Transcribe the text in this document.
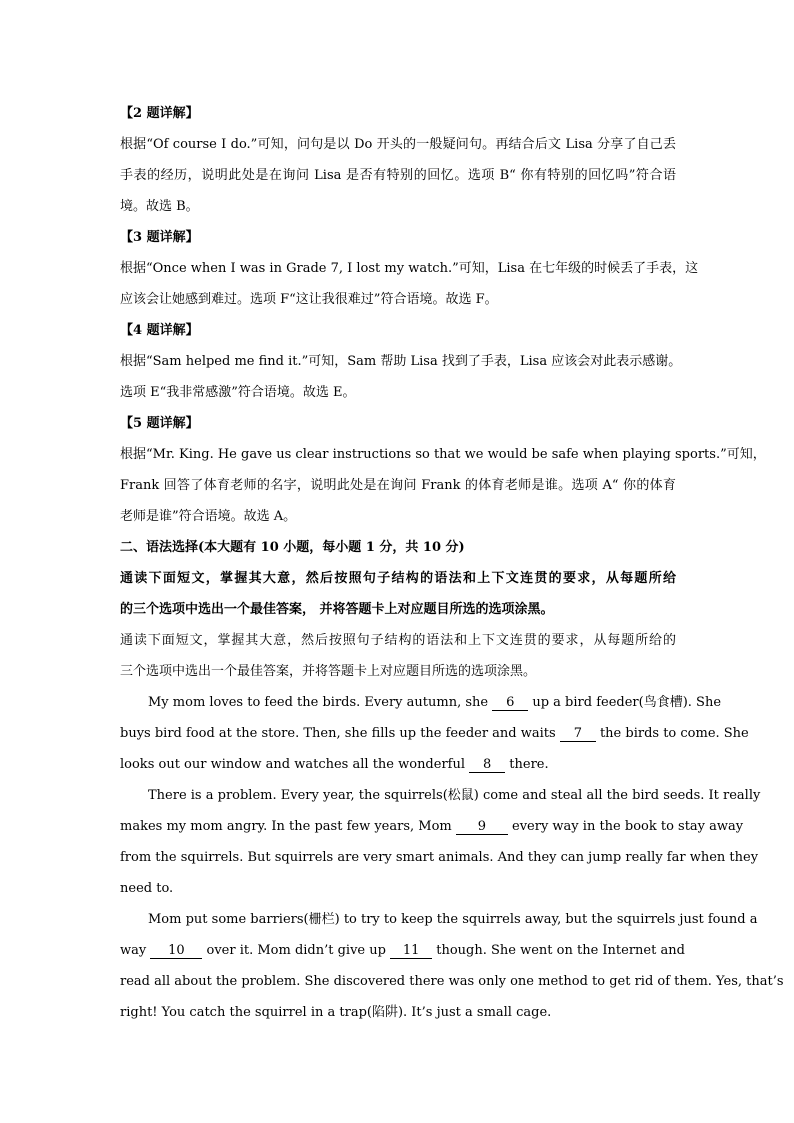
【2 题详解】
根据“Of course I do.”可知，问句是以 Do 开头的一般疑问句。再结合后文 Lisa 分享了自己丢
手表的经历，说明此处是在询问 Lisa 是否有特别的回忆。选项 B“ 你有特别的回忆吗”符合语
境。故选 B。
【3 题详解】
根据“Once when I was in Grade 7, I lost my watch.”可知，Lisa 在七年级的时候丢了手表，这
应该会让她感到难过。选项 F“这让我很难过”符合语境。故选 F。
【4 题详解】
根据“Sam helped me find it.”可知，Sam 帮助 Lisa 找到了手表，Lisa 应该会对此表示感谢。
选项 E“我非常感激”符合语境。故选 E。
【5 题详解】
根据“Mr. King. He gave us clear instructions so that we would be safe when playing sports.”可知，
Frank 回答了体育老师的名字，说明此处是在询问 Frank 的体育老师是谁。选项 A“ 你的体育
老师是谁”符合语境。故选 A。
二、语法选择(本大题有 10 小题，每小题 1 分，共 10 分)
通读下面短文，掌握其大意，然后按照句子结构的语法和上下文连贯的要求，从每题所给
的三个选项中选出一个最佳答案， 并将答题卡上对应题目所选的选项涂黑。
通读下面短文，掌握其大意，然后按照句子结构的语法和上下文连贯的要求，从每题所给的
三个选项中选出一个最佳答案，并将答题卡上对应题目所选的选项涂黑。
My mom loves to feed the birds. Every autumn, she 6 up a bird feeder(鸟食槽). She
buys bird food at the store. Then, she fills up the feeder and waits 7 the birds to come. She
looks out our window and watches all the wonderful 8 there.
There is a problem. Every year, the squirrels(松鼠) come and steal all the bird seeds. It really
makes my mom angry. In the past few years, Mom 9 every way in the book to stay away
from the squirrels. But squirrels are very smart animals. And they can jump really far when they
need to.
Mom put some barriers(栅栏) to try to keep the squirrels away, but the squirrels just found a
way 10 over it. Mom didn’t give up 11 though. She went on the Internet and
read all about the problem. She discovered there was only one method to get rid of them. Yes, that’s
right! You catch the squirrel in a trap(陷阱). It’s just a small cage.
